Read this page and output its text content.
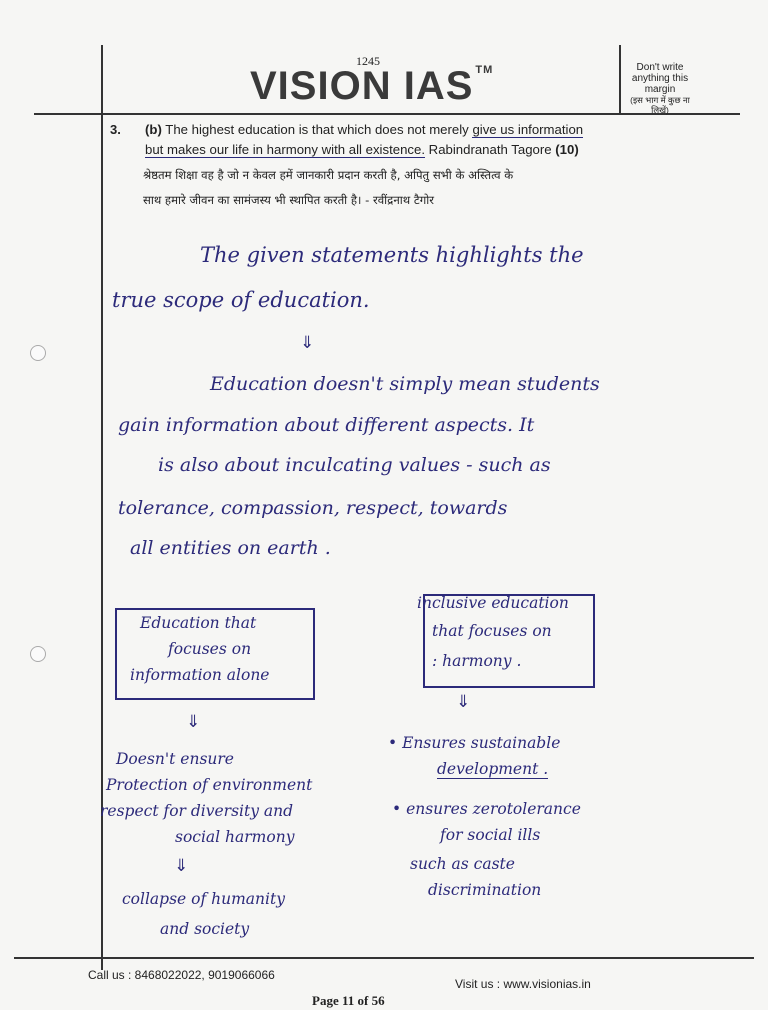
1245
VISION IAS ™	Don't write anything this margin
(इस भाग में कुछ ना लिखें)
3. (b) The highest education is that which does not merely give us information
but makes our life in harmony with all existence. Rabindranath Tagore (10)
श्रेष्ठतम शिक्षा वह है जो न केवल हमें जानकारी प्रदान करती है, अपितु सभी के अस्तित्व के
साथ हमारे जीवन का सामंजस्य भी स्थापित करती है। - रवींद्रनाथ टैगोर
The given statements highlights the
true scope of education.
⇓
Education doesn't simply mean students
gain information about different aspects. It
is also about inculcating values - such as
tolerance, compassion, respect, towards
all entities on earth .
Education that
focuses on
information alone
inclusive education
that focuses on
: harmony .
⇓
⇓
Doesn't ensure
Protection of environment
respect for diversity and
social harmony
⇓
collapse of humanity
and society
• Ensures sustainable
development .
• ensures zerotolerance
for social ills
such as caste
discrimination
Call us : 8468022022, 9019066066
Visit us : www.visionias.in
Page 11 of 56
